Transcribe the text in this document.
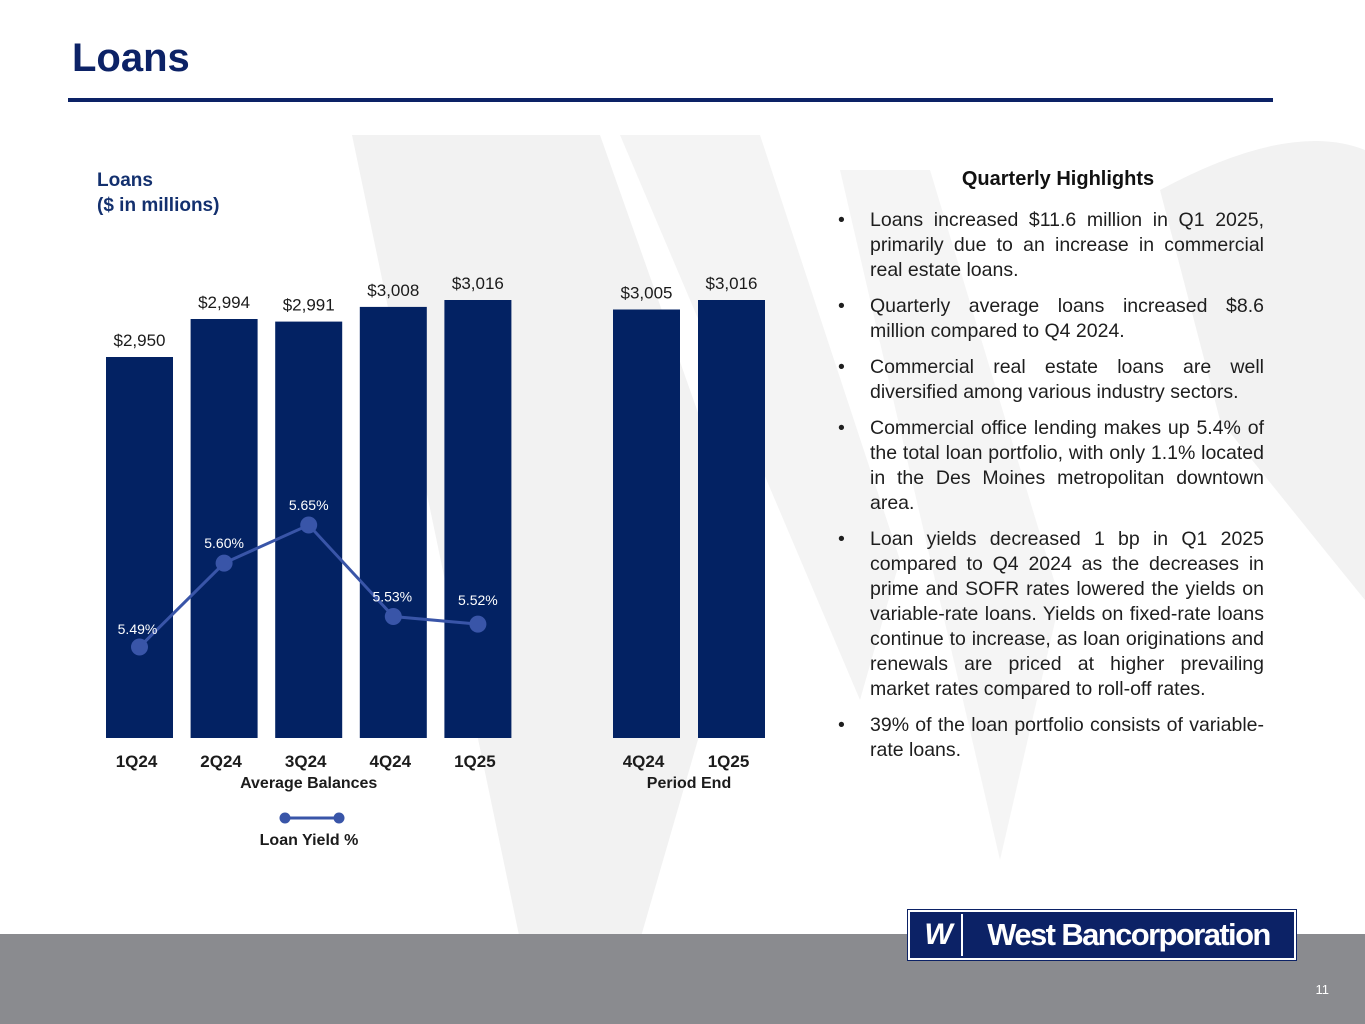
Loans
Loans
($ in millions)
$2,950
1Q24
$2,994
2Q24
$2,991
3Q24
$3,008
4Q24
$3,016
1Q25
Average Balances
5.49%
5.60%
5.65%
5.53%	5.52%
$3,005
4Q24
$3,016
1Q25
Period End
Loan Yield %
Quarterly Highlights
• Loans increased $11.6 million in Q1 2025, primarily due to an increase in commercial real estate loans.
• Quarterly average loans increased $8.6 million compared to Q4 2024.
• Commercial real estate loans are well diversified among various industry sectors.
• Commercial office lending makes up 5.4% of the total loan portfolio, with only 1.1% located in the Des Moines metropolitan downtown area.
• Loan yields decreased 1 bp in Q1 2025 compared to Q4 2024 as the decreases in prime and SOFR rates lowered the yields on variable-rate loans. Yields on fixed-rate loans continue to increase, as loan originations and renewals are priced at higher prevailing market rates compared to roll-off rates.
• 39% of the loan portfolio consists of variable-rate loans.
W	West Bancorporation
11
